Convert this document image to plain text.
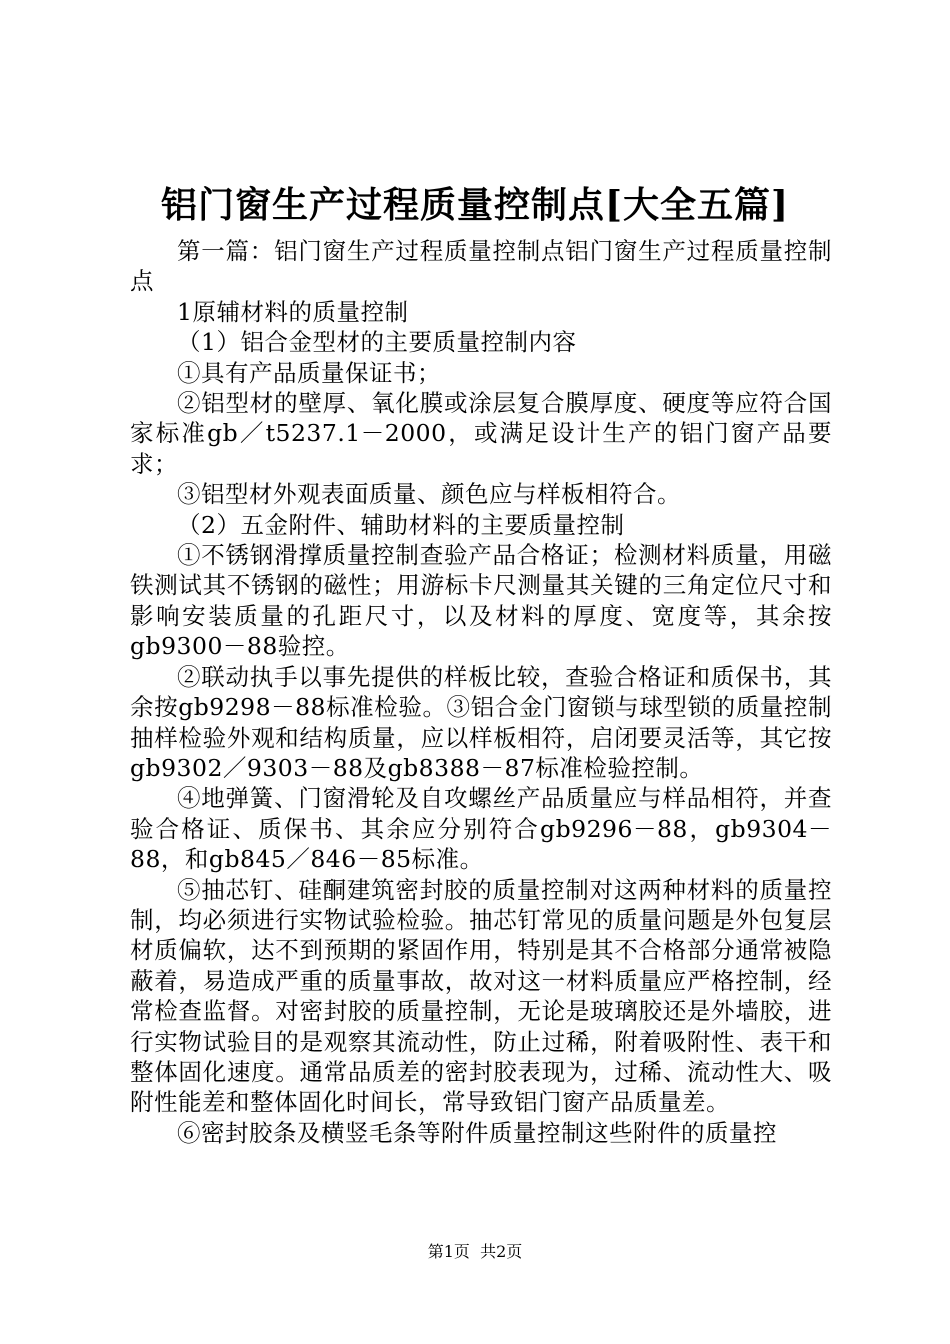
铝门窗生产过程质量控制点[大全五篇]

第一篇：铝门窗生产过程质量控制点铝门窗生产过程质量控制点

1原辅材料的质量控制

（1）铝合金型材的主要质量控制内容

①具有产品质量保证书；

②铝型材的壁厚、氧化膜或涂层复合膜厚度、硬度等应符合国家标准gb／t5237.1－2000，或满足设计生产的铝门窗产品要求；

③铝型材外观表面质量、颜色应与样板相符合。

（2）五金附件、辅助材料的主要质量控制

①不锈钢滑撑质量控制查验产品合格证；检测材料质量，用磁铁测试其不锈钢的磁性；用游标卡尺测量其关键的三角定位尺寸和影响安装质量的孔距尺寸，以及材料的厚度、宽度等，其余按gb9300－88验控。

②联动执手以事先提供的样板比较，查验合格证和质保书，其余按gb9298－88标准检验。③铝合金门窗锁与球型锁的质量控制抽样检验外观和结构质量，应以样板相符，启闭要灵活等，其它按gb9302／9303－88及gb8388－87标准检验控制。

④地弹簧、门窗滑轮及自攻螺丝产品质量应与样品相符，并查验合格证、质保书、其余应分别符合gb9296－88，gb9304－88，和gb845／846－85标准。

⑤抽芯钉、硅酮建筑密封胶的质量控制对这两种材料的质量控制，均必须进行实物试验检验。抽芯钉常见的质量问题是外包复层材质偏软，达不到预期的紧固作用，特别是其不合格部分通常被隐蔽着，易造成严重的质量事故，故对这一材料质量应严格控制，经常检查监督。对密封胶的质量控制，无论是玻璃胶还是外墙胶，进行实物试验目的是观察其流动性，防止过稀，附着吸附性、表干和整体固化速度。通常品质差的密封胶表现为，过稀、流动性大、吸附性能差和整体固化时间长，常导致铝门窗产品质量差。

⑥密封胶条及横竖毛条等附件质量控制这些附件的质量控

第1页  共2页
